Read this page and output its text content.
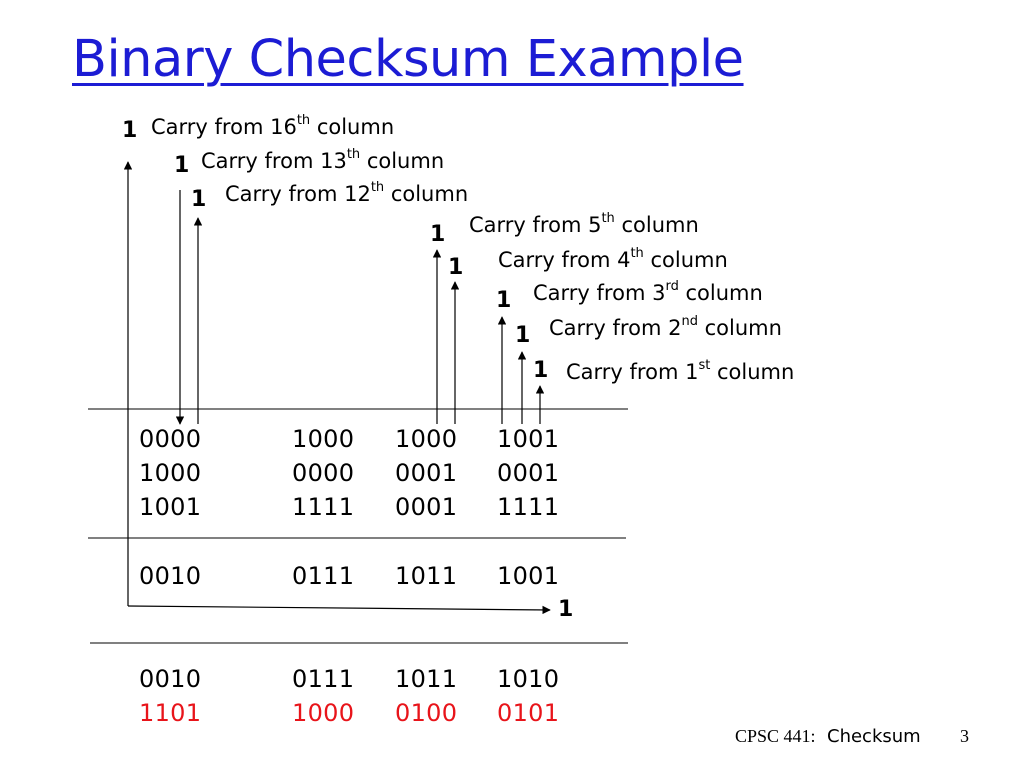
Binary Checksum Example
1 Carry from 16th column
1 Carry from 13th column
1 Carry from 12th column
1 Carry from 5th column
1 Carry from 4th column
1 Carry from 3rd column
1 Carry from 2nd column
1 Carry from 1st column
0000	1000 1000 1001
1000	0000 0001 0001
1001	1111 0001 1111
0010	0111 1011 1001
1
0010	0111 1011 1010
1101	1000 0100 0101
CPSC 441: Checksum 3
